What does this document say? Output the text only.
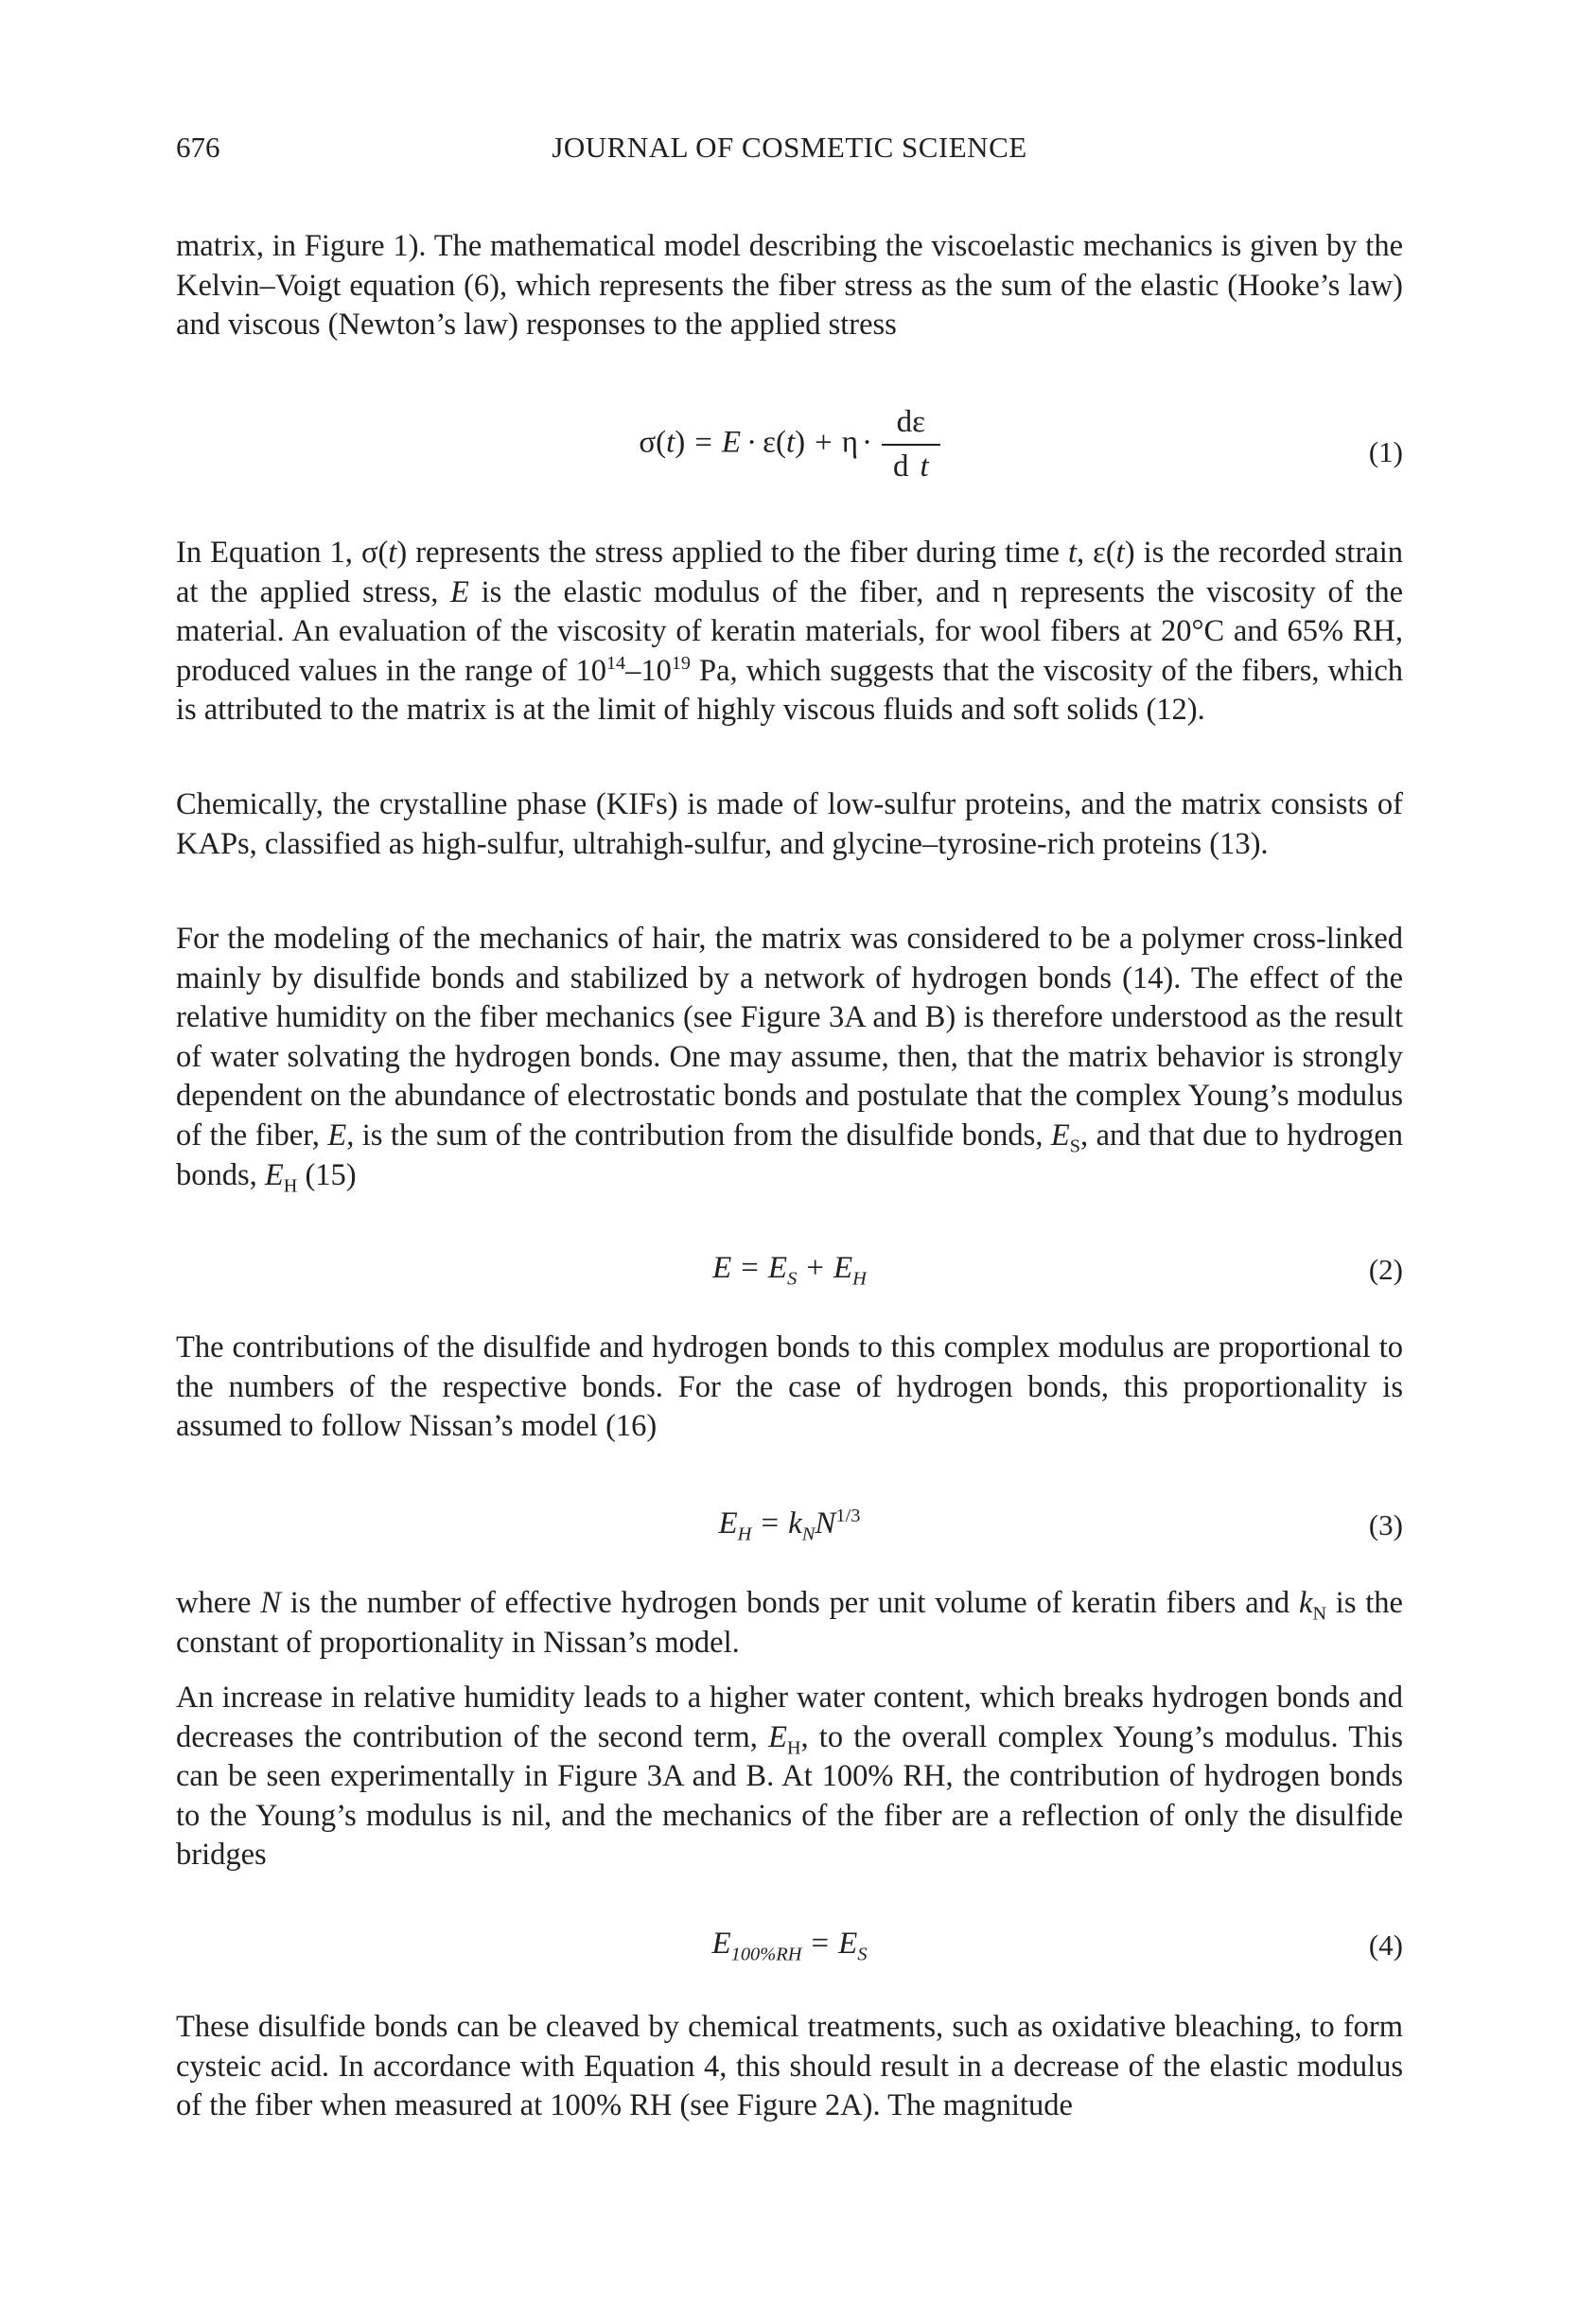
676	JOURNAL OF COSMETIC SCIENCE

matrix, in Figure 1). The mathematical model describing the viscoelastic mechanics is given by the Kelvin–Voigt equation (6), which represents the fiber stress as the sum of the elastic (Hooke’s law) and viscous (Newton’s law) responses to the applied stress

$\sigma(t) = E \cdot \varepsilon(t) + \eta \cdot \frac{d\varepsilon}{\text{d t}}$	(1)

In Equation 1, σ(t) represents the stress applied to the fiber during time t, ε(t) is the recorded strain at the applied stress, E is the elastic modulus of the fiber, and η represents the viscosity of the material. An evaluation of the viscosity of keratin materials, for wool fibers at 20°C and 65% RH, produced values in the range of $10^{14}-10^{19}$ Pa, which suggests that the viscosity of the fibers, which is attributed to the matrix is at the limit of highly viscous fluids and soft solids (12).

Chemically, the crystalline phase (KIFs) is made of low-sulfur proteins, and the matrix consists of KAPs, classified as high-sulfur, ultrahigh-sulfur, and glycine–tyrosine-rich proteins (13).

For the modeling of the mechanics of hair, the matrix was considered to be a polymer cross-linked mainly by disulfide bonds and stabilized by a network of hydrogen bonds (14). The effect of the relative humidity on the fiber mechanics (see Figure 3A and B) is therefore understood as the result of water solvating the hydrogen bonds. One may assume, then, that the matrix behavior is strongly dependent on the abundance of electrostatic bonds and postulate that the complex Young’s modulus of the fiber, E, is the sum of the contribution from the disulfide bonds, $E_S$, and that due to hydrogen bonds, $E_H$ (15)

$E = E_S + E_H$	(2)

The contributions of the disulfide and hydrogen bonds to this complex modulus are proportional to the numbers of the respective bonds. For the case of hydrogen bonds, this proportionality is assumed to follow Nissan’s model (16)

$E_H = k_NN^{1/3}$	(3)

where N is the number of effective hydrogen bonds per unit volume of keratin fibers and $k_N$ is the constant of proportionality in Nissan’s model.

An increase in relative humidity leads to a higher water content, which breaks hydrogen bonds and decreases the contribution of the second term, $E_H$, to the overall complex Young’s modulus. This can be seen experimentally in Figure 3A and B. At 100% RH, the contribution of hydrogen bonds to the Young’s modulus is nil, and the mechanics of the fiber are a reflection of only the disulfide bridges

$E_{100\%RH} = E_S$	(4)

These disulfide bonds can be cleaved by chemical treatments, such as oxidative bleaching, to form cysteic acid. In accordance with Equation 4, this should result in a decrease of the elastic modulus of the fiber when measured at 100% RH (see Figure 2A). The magnitude
